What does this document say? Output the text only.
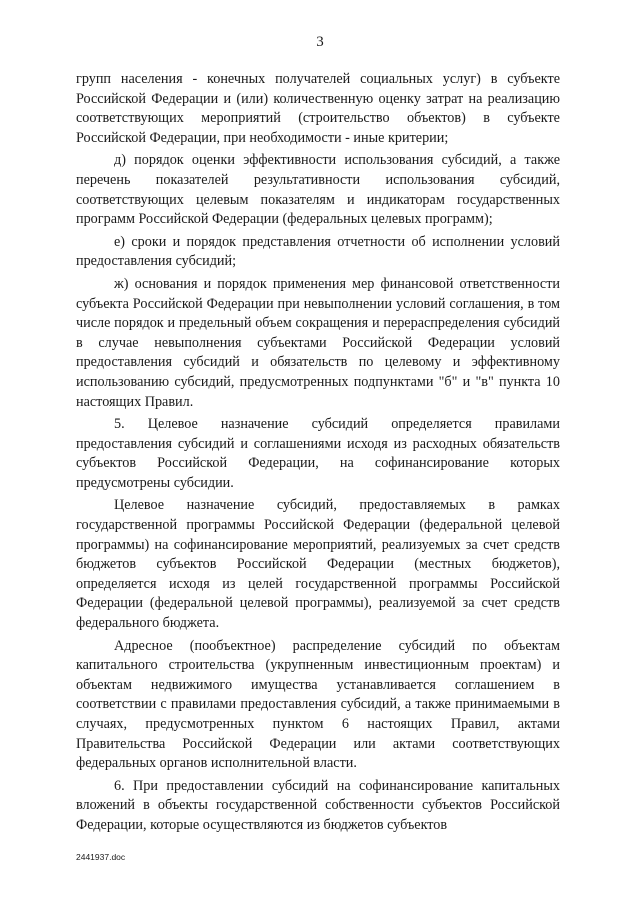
3

групп населения - конечных получателей социальных услуг) в субъекте Российской Федерации и (или) количественную оценку затрат на реализацию соответствующих мероприятий (строительство объектов) в субъекте Российской Федерации, при необходимости - иные критерии;

д) порядок оценки эффективности использования субсидий, а также перечень показателей результативности использования субсидий, соответствующих целевым показателям и индикаторам государственных программ Российской Федерации (федеральных целевых программ);

е) сроки и порядок представления отчетности об исполнении условий предоставления субсидий;

ж) основания и порядок применения мер финансовой ответственности субъекта Российской Федерации при невыполнении условий соглашения, в том числе порядок и предельный объем сокращения и перераспределения субсидий в случае невыполнения субъектами Российской Федерации условий предоставления субсидий и обязательств по целевому и эффективному использованию субсидий, предусмотренных подпунктами "б" и "в" пункта 10 настоящих Правил.

5. Целевое назначение субсидий определяется правилами предоставления субсидий и соглашениями исходя из расходных обязательств субъектов Российской Федерации, на софинансирование которых предусмотрены субсидии.

Целевое назначение субсидий, предоставляемых в рамках государственной программы Российской Федерации (федеральной целевой программы) на софинансирование мероприятий, реализуемых за счет средств бюджетов субъектов Российской Федерации (местных бюджетов), определяется исходя из целей государственной программы Российской Федерации (федеральной целевой программы), реализуемой за счет средств федерального бюджета.

Адресное (пообъектное) распределение субсидий по объектам капитального строительства (укрупненным инвестиционным проектам) и объектам недвижимого имущества устанавливается соглашением в соответствии с правилами предоставления субсидий, а также принимаемыми в случаях, предусмотренных пунктом 6 настоящих Правил, актами Правительства Российской Федерации или актами соответствующих федеральных органов исполнительной власти.

6. При предоставлении субсидий на софинансирование капитальных вложений в объекты государственной собственности субъектов Российской Федерации, которые осуществляются из бюджетов субъектов

2441937.doc
